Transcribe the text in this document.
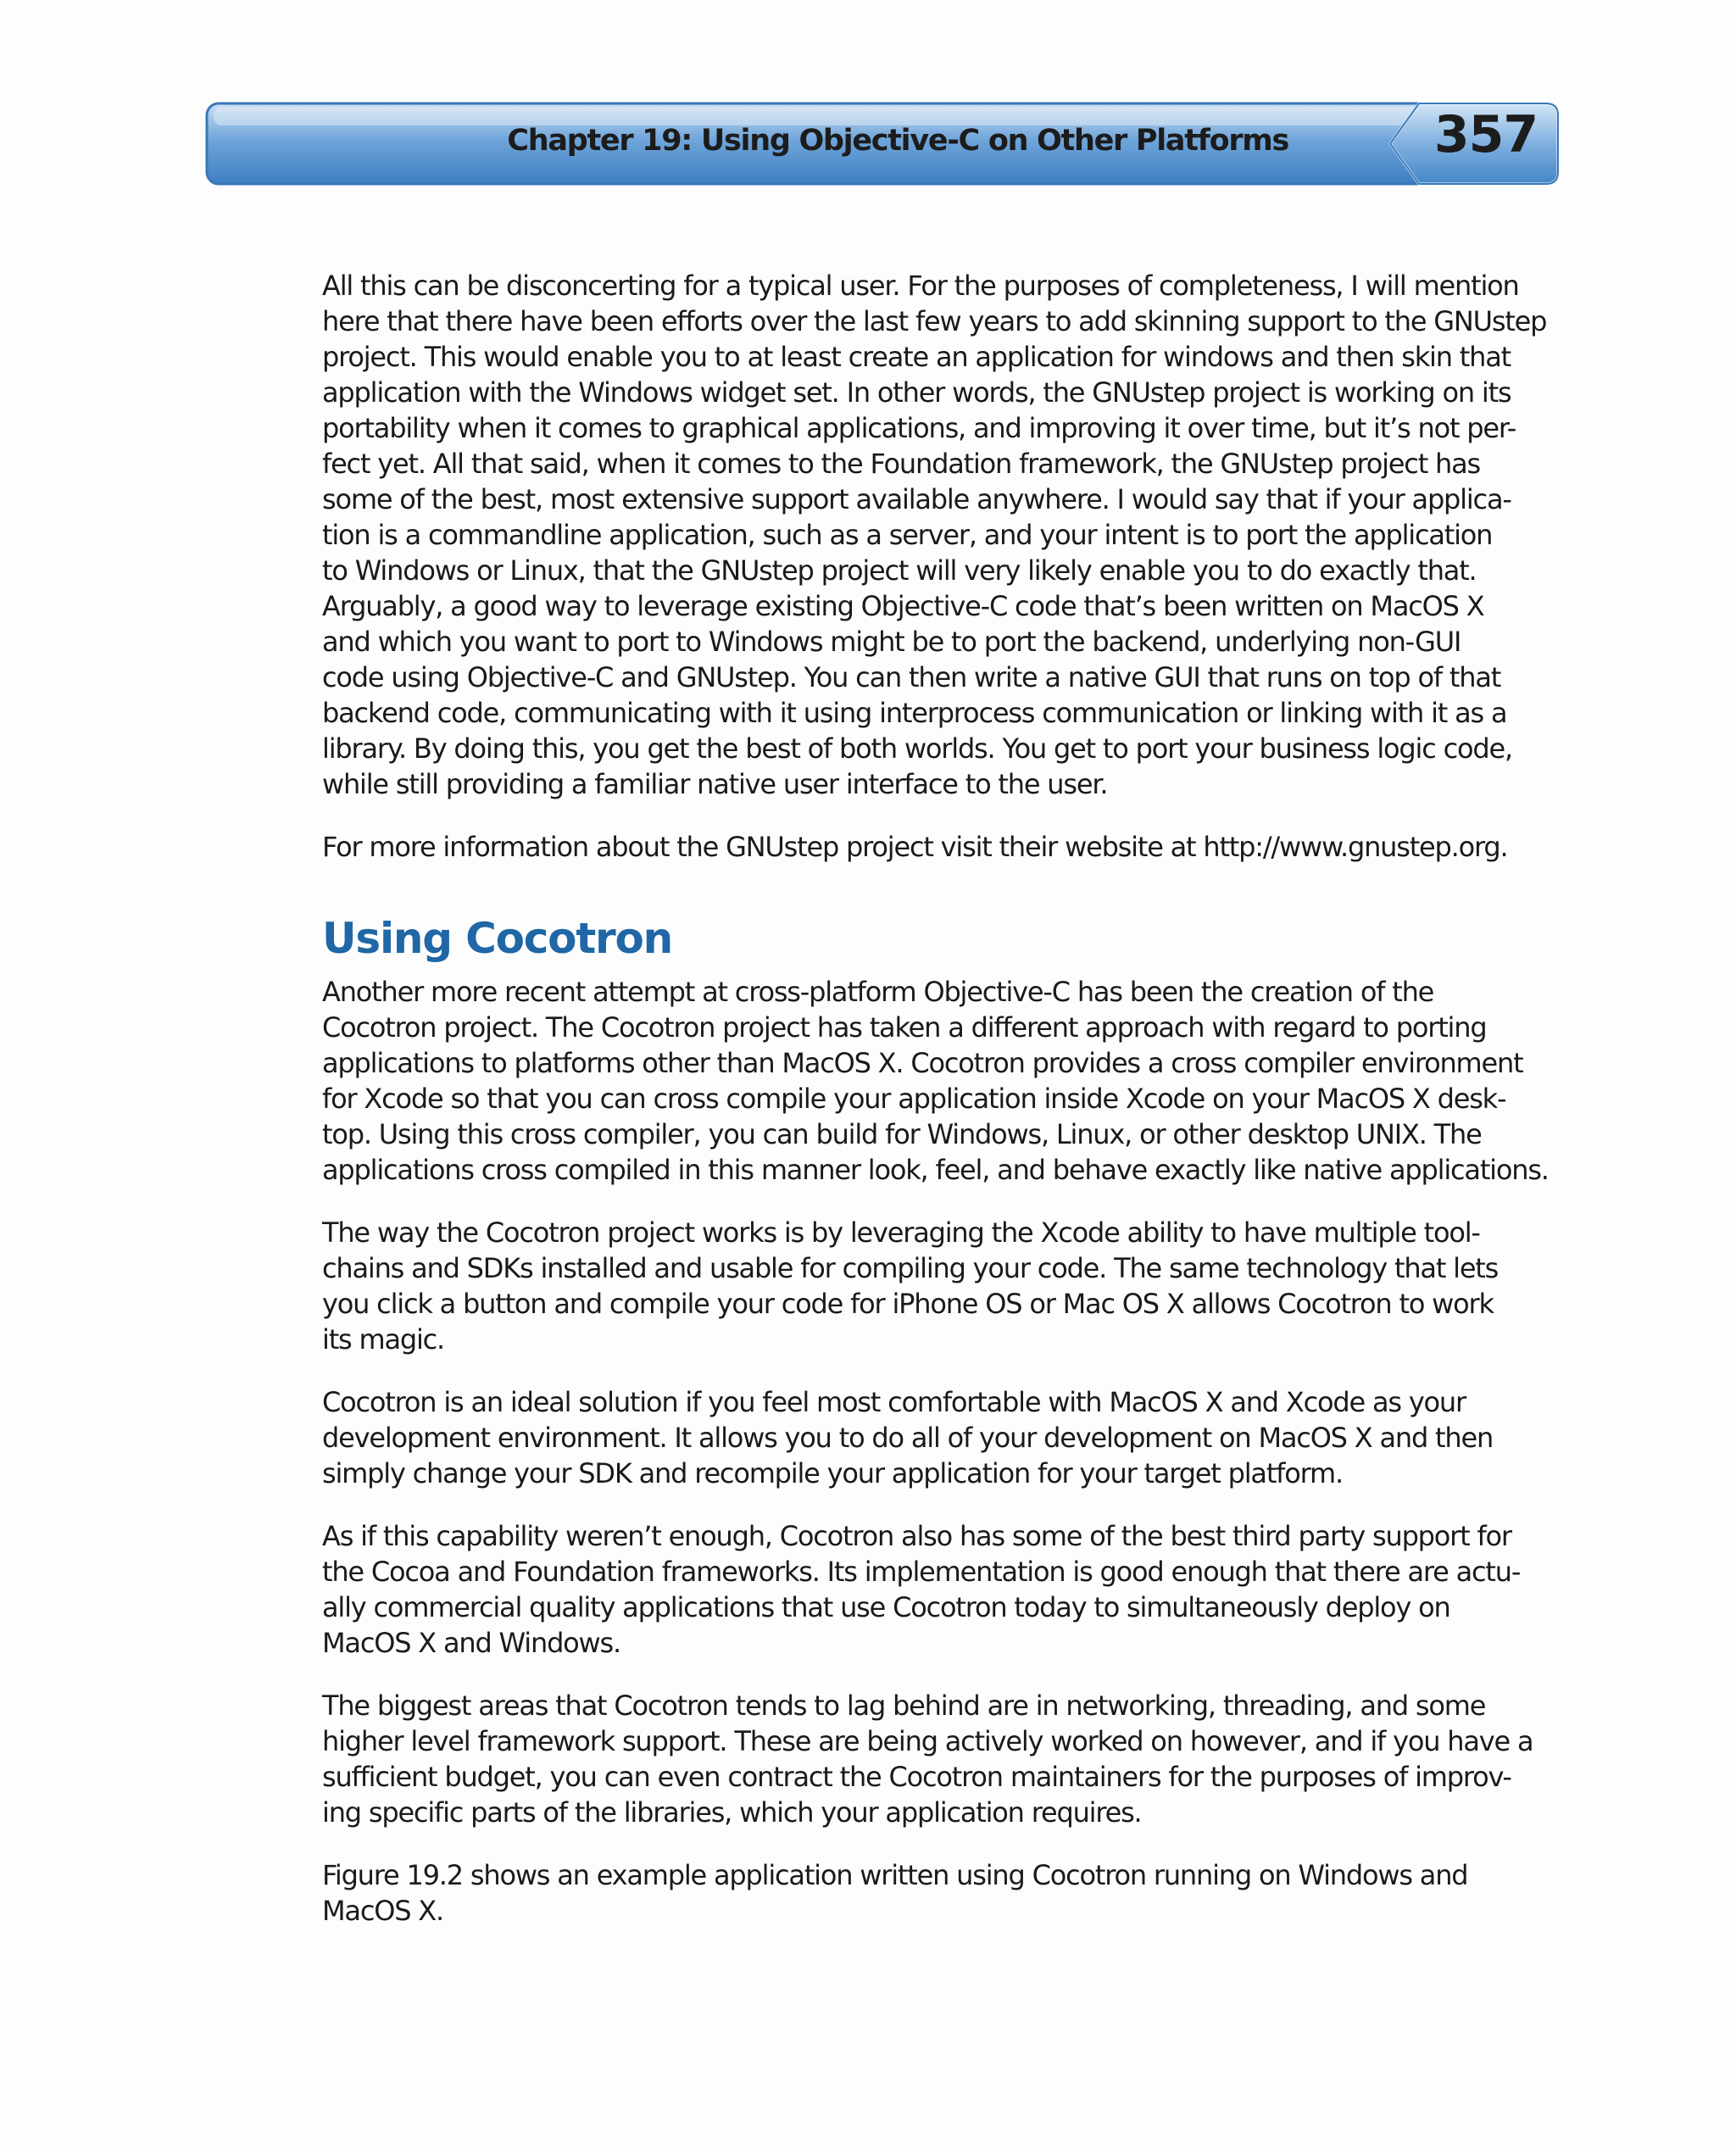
Chapter 19: Using Objective-C on Other Platforms	357

All this can be disconcerting for a typical user. For the purposes of completeness, I will mention
here that there have been efforts over the last few years to add skinning support to the GNUstep
project. This would enable you to at least create an application for windows and then skin that
application with the Windows widget set. In other words, the GNUstep project is working on its
portability when it comes to graphical applications, and improving it over time, but it’s not per-
fect yet. All that said, when it comes to the Foundation framework, the GNUstep project has
some of the best, most extensive support available anywhere. I would say that if your applica-
tion is a commandline application, such as a server, and your intent is to port the application
to Windows or Linux, that the GNUstep project will very likely enable you to do exactly that.
Arguably, a good way to leverage existing Objective-C code that’s been written on MacOS X
and which you want to port to Windows might be to port the backend, underlying non-GUI
code using Objective-C and GNUstep. You can then write a native GUI that runs on top of that
backend code, communicating with it using interprocess communication or linking with it as a
library. By doing this, you get the best of both worlds. You get to port your business logic code,
while still providing a familiar native user interface to the user.

For more information about the GNUstep project visit their website at http://www.gnustep.org.

Using Cocotron

Another more recent attempt at cross-platform Objective-C has been the creation of the
Cocotron project. The Cocotron project has taken a different approach with regard to porting
applications to platforms other than MacOS X. Cocotron provides a cross compiler environment
for Xcode so that you can cross compile your application inside Xcode on your MacOS X desk-
top. Using this cross compiler, you can build for Windows, Linux, or other desktop UNIX. The
applications cross compiled in this manner look, feel, and behave exactly like native applications.

The way the Cocotron project works is by leveraging the Xcode ability to have multiple tool-
chains and SDKs installed and usable for compiling your code. The same technology that lets
you click a button and compile your code for iPhone OS or Mac OS X allows Cocotron to work
its magic.

Cocotron is an ideal solution if you feel most comfortable with MacOS X and Xcode as your
development environment. It allows you to do all of your development on MacOS X and then
simply change your SDK and recompile your application for your target platform.

As if this capability weren’t enough, Cocotron also has some of the best third party support for
the Cocoa and Foundation frameworks. Its implementation is good enough that there are actu-
ally commercial quality applications that use Cocotron today to simultaneously deploy on
MacOS X and Windows.

The biggest areas that Cocotron tends to lag behind are in networking, threading, and some
higher level framework support. These are being actively worked on however, and if you have a
sufficient budget, you can even contract the Cocotron maintainers for the purposes of improv-
ing specific parts of the libraries, which your application requires.

Figure 19.2 shows an example application written using Cocotron running on Windows and
MacOS X.
